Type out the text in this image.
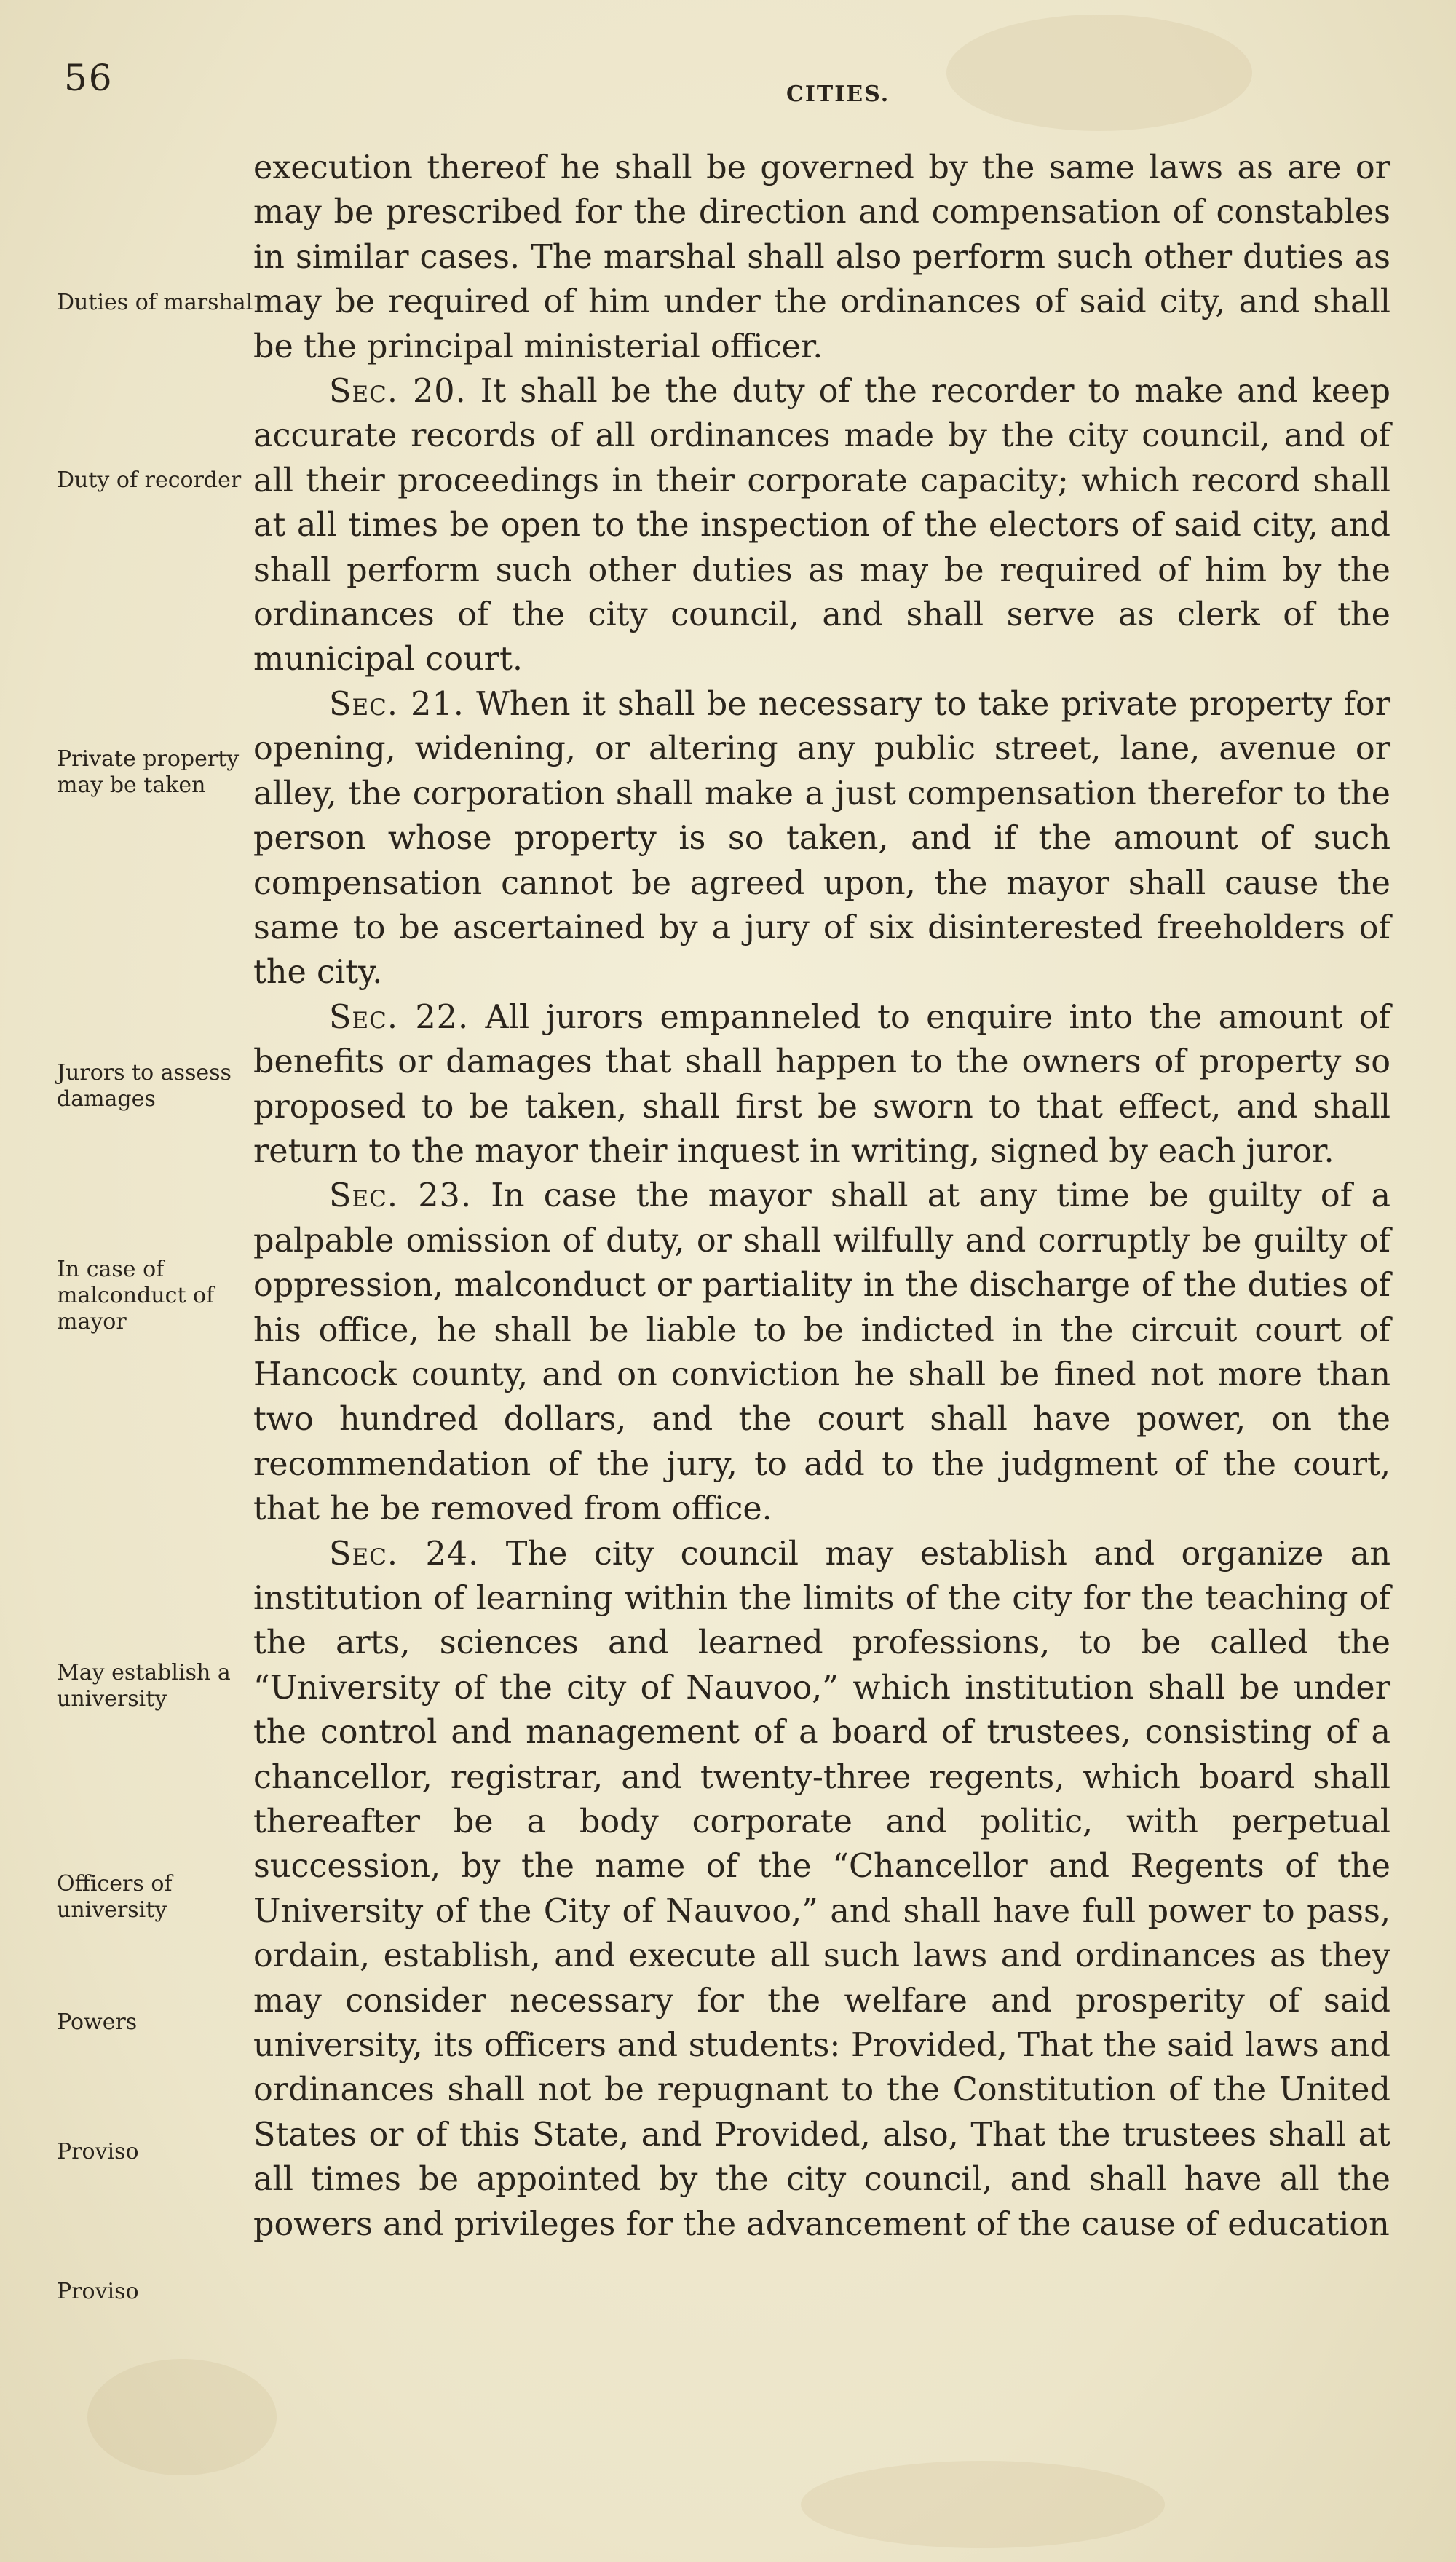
56	CITIES.
Duties of marshal
Duty of recorder
Private property may be taken
Jurors to assess damages
In case of malconduct of mayor
May establish a university
Officers of university
Powers
Proviso
Proviso

execution thereof he shall be governed by the same laws as are or may be prescribed for the direction and compensation of constables in similar cases. The marshal shall also perform such other duties as may be required of him under the ordinances of said city, and shall be the principal ministerial officer.

Sec. 20. It shall be the duty of the recorder to make and keep accurate records of all ordinances made by the city council, and of all their proceedings in their corporate capacity; which record shall at all times be open to the inspection of the electors of said city, and shall perform such other duties as may be required of him by the ordinances of the city council, and shall serve as clerk of the municipal court.

Sec. 21. When it shall be necessary to take private property for opening, widening, or altering any public street, lane, avenue or alley, the corporation shall make a just compensation therefor to the person whose property is so taken, and if the amount of such compensation cannot be agreed upon, the mayor shall cause the same to be ascertained by a jury of six disinterested freeholders of the city.

Sec. 22. All jurors empanneled to enquire into the amount of benefits or damages that shall happen to the owners of property so proposed to be taken, shall first be sworn to that effect, and shall return to the mayor their inquest in writing, signed by each juror.

Sec. 23. In case the mayor shall at any time be guilty of a palpable omission of duty, or shall wilfully and corruptly be guilty of oppression, malconduct or partiality in the discharge of the duties of his office, he shall be liable to be indicted in the circuit court of Hancock county, and on conviction he shall be fined not more than two hundred dollars, and the court shall have power, on the recommendation of the jury, to add to the judgment of the court, that he be removed from office.

Sec. 24. The city council may establish and organize an institution of learning within the limits of the city for the teaching of the arts, sciences and learned professions, to be called the “University of the city of Nauvoo,” which institution shall be under the control and management of a board of trustees, consisting of a chancellor, registrar, and twenty-three regents, which board shall thereafter be a body corporate and politic, with perpetual succession, by the name of the “Chancellor and Regents of the University of the City of Nauvoo,” and shall have full power to pass, ordain, establish, and execute all such laws and ordinances as they may consider necessary for the welfare and prosperity of said university, its officers and students: Provided, That the said laws and ordinances shall not be repugnant to the Constitution of the United States or of this State, and Provided, also, That the trustees shall at all times be appointed by the city council, and shall have all the powers and privileges for the advancement of the cause of education
